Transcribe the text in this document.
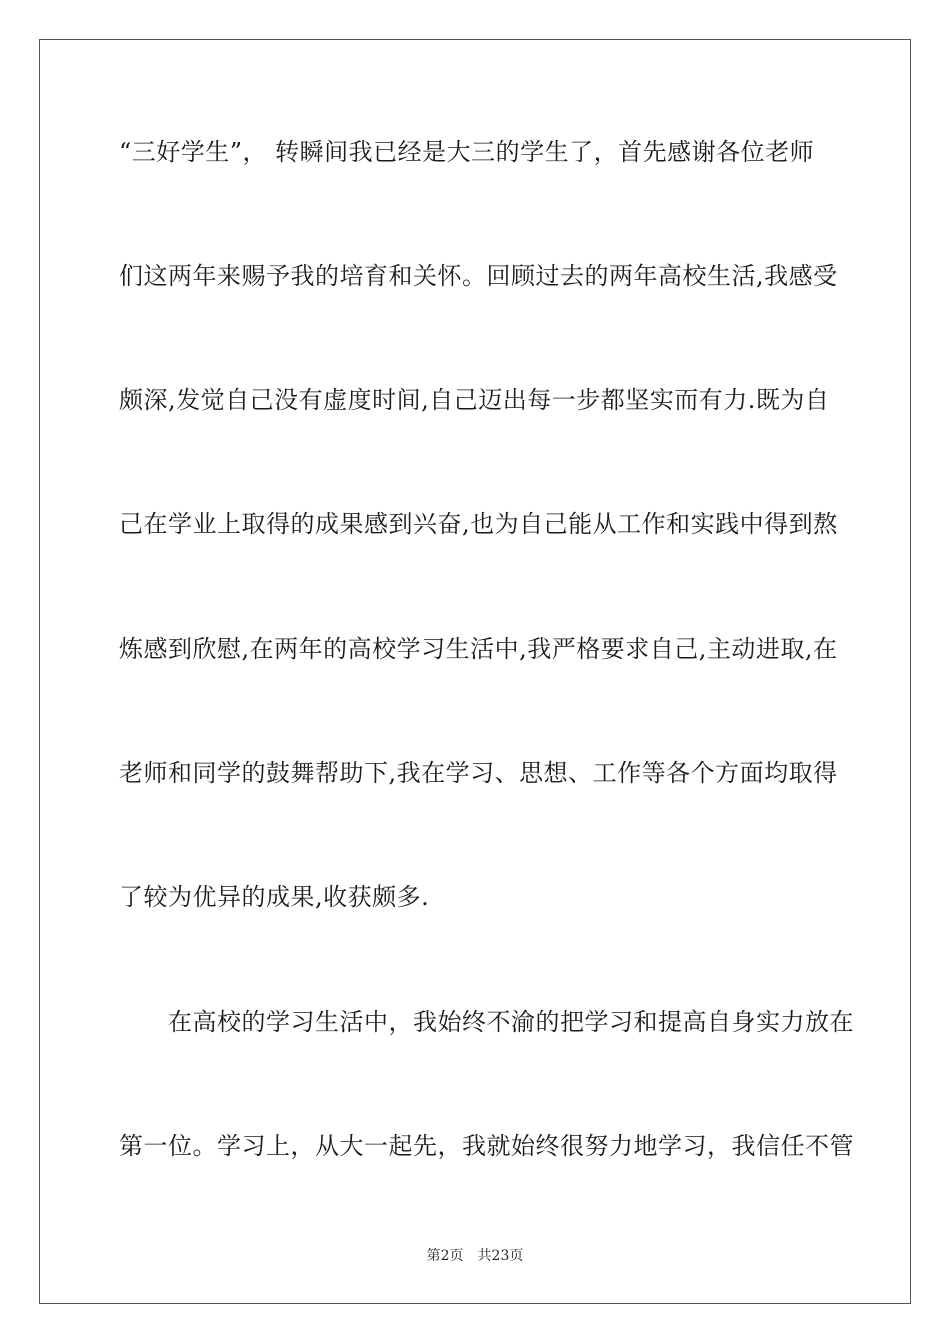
“三好学生”， 转瞬间我已经是大三的学生了，首先感谢各位老师
们这两年来赐予我的培育和关怀。回顾过去的两年高校生活,我感受
颇深,发觉自己没有虚度时间,自己迈出每一步都坚实而有力.既为自
己在学业上取得的成果感到兴奋,也为自己能从工作和实践中得到熬
炼感到欣慰,在两年的高校学习生活中,我严格要求自己,主动进取,在
老师和同学的鼓舞帮助下,我在学习、思想、工作等各个方面均取得
了较为优异的成果,收获颇多.
　　在高校的学习生活中，我始终不渝的把学习和提高自身实力放在
第一位。学习上，从大一起先，我就始终很努力地学习，我信任不管
第2页　共23页
